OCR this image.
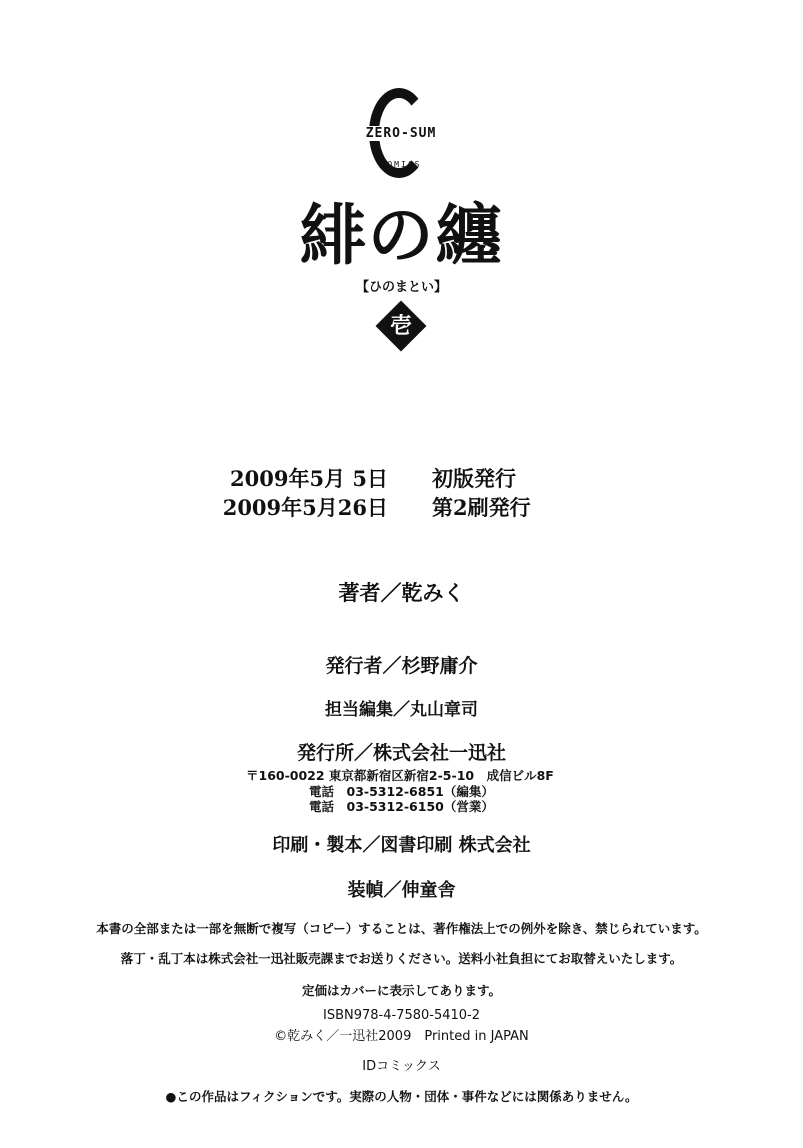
ZERO-SUM
COMICS
緋の纏
【ひのまとい】
壱
2009年5月 5日 初版発行
2009年5月26日 第2刷発行
著者／乾みく
発行者／杉野庸介
担当編集／丸山章司
発行所／株式会社一迅社
〒160-0022 東京都新宿区新宿2-5-10　成信ビル8F
電話　03-5312-6851（編集）
電話　03-5312-6150（営業）
印刷・製本／図書印刷 株式会社
装幀／伸童舎
本書の全部または一部を無断で複写（コピー）することは、著作権法上での例外を除き、禁じられています。
落丁・乱丁本は株式会社一迅社販売課までお送りください。送料小社負担にてお取替えいたします。
定価はカバーに表示してあります。
ISBN978-4-7580-5410-2
©乾みく／一迅社2009　Printed in JAPAN
IDコミックス
●この作品はフィクションです。実際の人物・団体・事件などには関係ありません。
